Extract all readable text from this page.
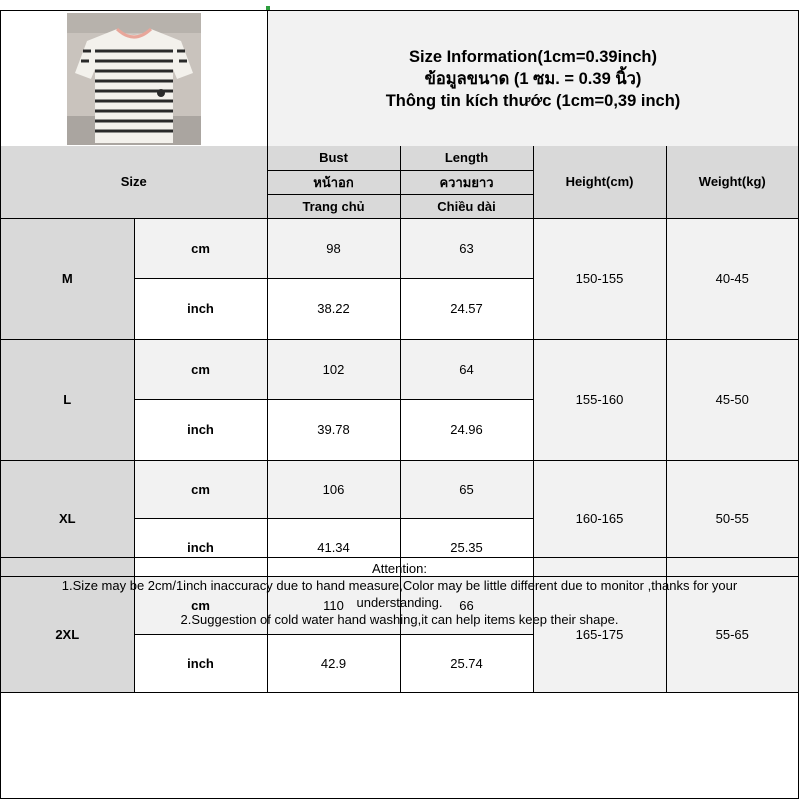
Size Information(1cm=0.39inch)
ข้อมูลขนาด (1 ซม. = 0.39 นิ้ว)
Thông tin kích thước (1cm=0,39 inch)
Size		Bust	Length	Height(cm)	Weight(kg)
		หน้าอก	ความยาว		
		Trang chủ	Chiều dài		
M	cm	98	63	150-155	40-45
	inch	38.22	24.57		
L	cm	102	64	155-160	45-50
	inch	39.78	24.96		
XL	cm	106	65	160-165	50-55
	inch	41.34	25.35		
2XL	cm	110	66	165-175	55-65
	inch	42.9	25.74		
Attention:
1.Size may be 2cm/1inch inaccuracy due to hand measure,Color may be little different due to monitor ,thanks for your understanding.
2.Suggestion of cold water hand washing,it can help items keep their shape.
